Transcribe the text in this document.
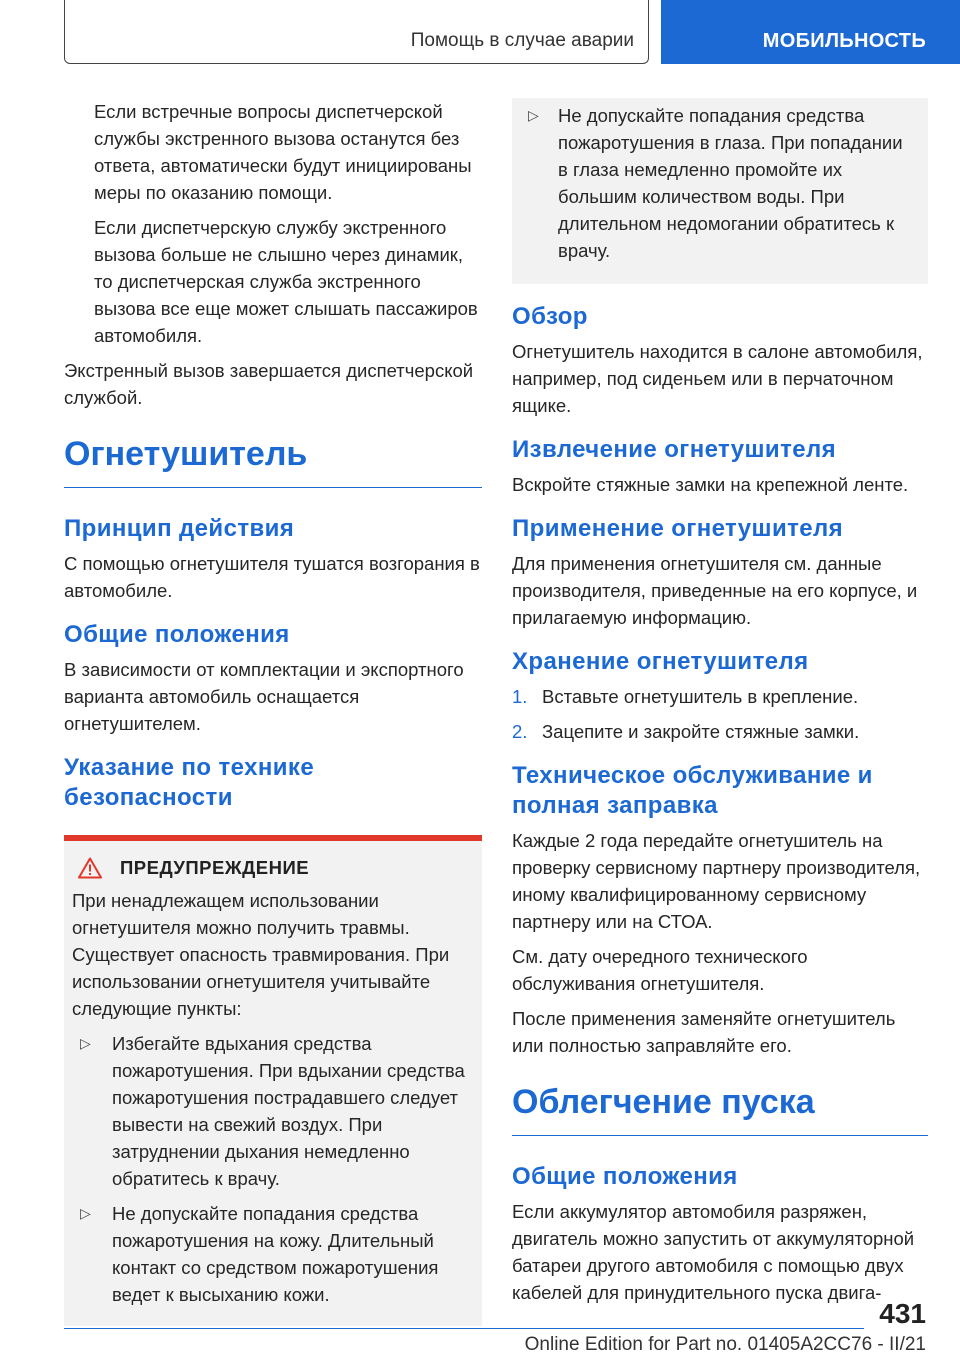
Помощь в случае аварии	МОБИЛЬНОСТЬ

Если встречные вопросы диспетчерской службы экстренного вызова останутся без ответа, автоматически будут инициированы меры по оказанию помощи.

Если диспетчерскую службу экстренного вызова больше не слышно через динамик, то диспетчерская служба экстренного вызова все еще может слышать пассажиров автомобиля.

Экстренный вызов завершается диспетчерской службой.

Огнетушитель
Принцип действия

С помощью огнетушителя тушатся возгорания в автомобиле.

Общие положения

В зависимости от комплектации и экспортного варианта автомобиль оснащается огнетушителем.

Указание по технике безопасности
ПРЕДУПРЕЖДЕНИЕ

При ненадлежащем использовании огнетушителя можно получить травмы. Существует опасность травмирования. При использовании огнетушителя учитывайте следующие пункты:

▷	Избегайте вдыхания средства пожаротушения. При вдыхании средства пожаротушения пострадавшего следует вывести на свежий воздух. При затруднении дыхания немедленно обратитесь к врачу.

▷	Не допускайте попадания средства пожаротушения на кожу. Длительный контакт со средством пожаротушения ведет к высыханию кожи.

▷	Не допускайте попадания средства пожаротушения в глаза. При попадании в глаза немедленно промойте их большим количеством воды. При длительном недомогании обратитесь к врачу.

Обзор

Огнетушитель находится в салоне автомобиля, например, под сиденьем или в перчаточном ящике.

Извлечение огнетушителя

Вскройте стяжные замки на крепежной ленте.

Применение огнетушителя

Для применения огнетушителя см. данные производителя, приведенные на его корпусе, и прилагаемую информацию.

Хранение огнетушителя
1. Вставьте огнетушитель в крепление.

2. Зацепите и закройте стяжные замки.

Техническое обслуживание и полная заправка

Каждые 2 года передайте огнетушитель на проверку сервисному партнеру производителя, иному квалифицированному сервисному партнеру или на СТОА.

См. дату очередного технического обслуживания огнетушителя.

После применения заменяйте огнетушитель или полностью заправляйте его.

Облегчение пуска
Общие положения

Если аккумулятор автомобиля разряжен, двигатель можно запустить от аккумуляторной батареи другого автомобиля с помощью двух кабелей для принудительного пуска двига-

431
Online Edition for Part no. 01405A2CC76 - II/21
